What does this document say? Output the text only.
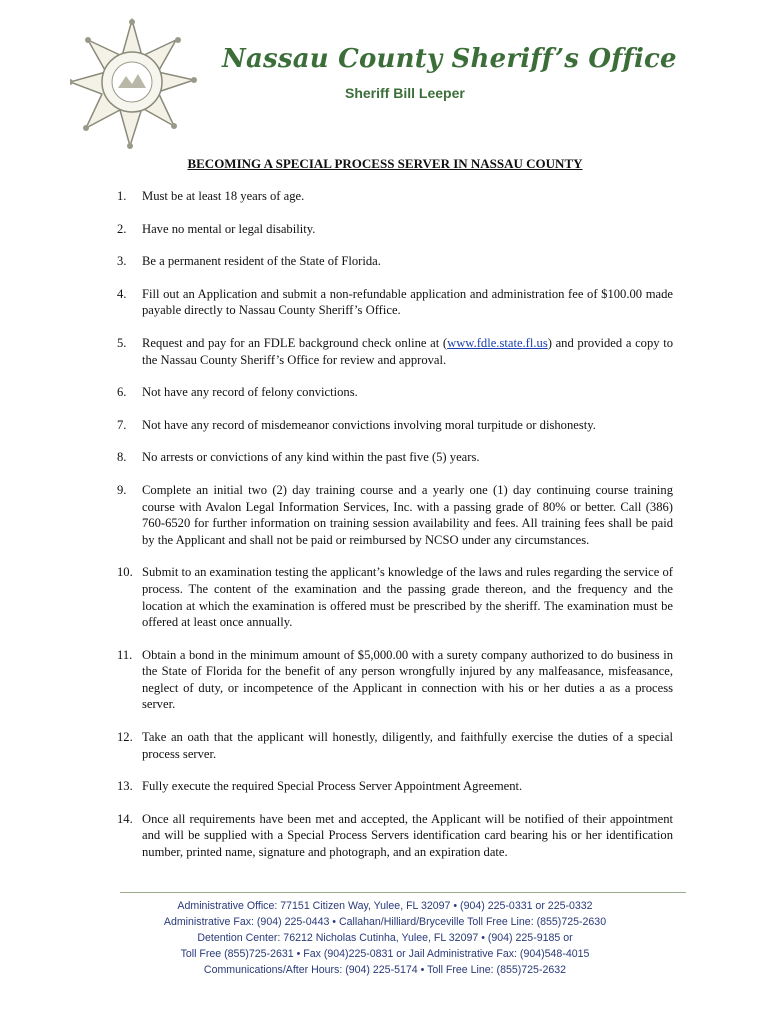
Nassau County Sheriff’s Office
Sheriff Bill Leeper
BECOMING A SPECIAL PROCESS SERVER IN NASSAU COUNTY
1. Must be at least 18 years of age.
2. Have no mental or legal disability.
3. Be a permanent resident of the State of Florida.
4. Fill out an Application and submit a non-refundable application and administration fee of $100.00 made payable directly to Nassau County Sheriff’s Office.
5. Request and pay for an FDLE background check online at (www.fdle.state.fl.us) and provided a copy to the Nassau County Sheriff’s Office for review and approval.
6. Not have any record of felony convictions.
7. Not have any record of misdemeanor convictions involving moral turpitude or dishonesty.
8. No arrests or convictions of any kind within the past five (5) years.
9. Complete an initial two (2) day training course and a yearly one (1) day continuing course training course with Avalon Legal Information Services, Inc. with a passing grade of 80% or better. Call (386) 760-6520 for further information on training session availability and fees. All training fees shall be paid by the Applicant and shall not be paid or reimbursed by NCSO under any circumstances.
10. Submit to an examination testing the applicant’s knowledge of the laws and rules regarding the service of process. The content of the examination and the passing grade thereon, and the frequency and the location at which the examination is offered must be prescribed by the sheriff. The examination must be offered at least once annually.
11. Obtain a bond in the minimum amount of $5,000.00 with a surety company authorized to do business in the State of Florida for the benefit of any person wrongfully injured by any malfeasance, misfeasance, neglect of duty, or incompetence of the Applicant in connection with his or her duties a as a process server.
12. Take an oath that the applicant will honestly, diligently, and faithfully exercise the duties of a special process server.
13. Fully execute the required Special Process Server Appointment Agreement.
14. Once all requirements have been met and accepted, the Applicant will be notified of their appointment and will be supplied with a Special Process Servers identification card bearing his or her identification number, printed name, signature and photograph, and an expiration date.
Administrative Office: 77151 Citizen Way, Yulee, FL 32097 • (904) 225-0331 or 225-0332
Administrative Fax: (904) 225-0443 • Callahan/Hilliard/Bryceville Toll Free Line: (855)725-2630
Detention Center: 76212 Nicholas Cutinha, Yulee, FL 32097 • (904) 225-9185 or
Toll Free (855)725-2631 • Fax (904)225-0831 or Jail Administrative Fax: (904)548-4015
Communications/After Hours: (904) 225-5174 • Toll Free Line: (855)725-2632
